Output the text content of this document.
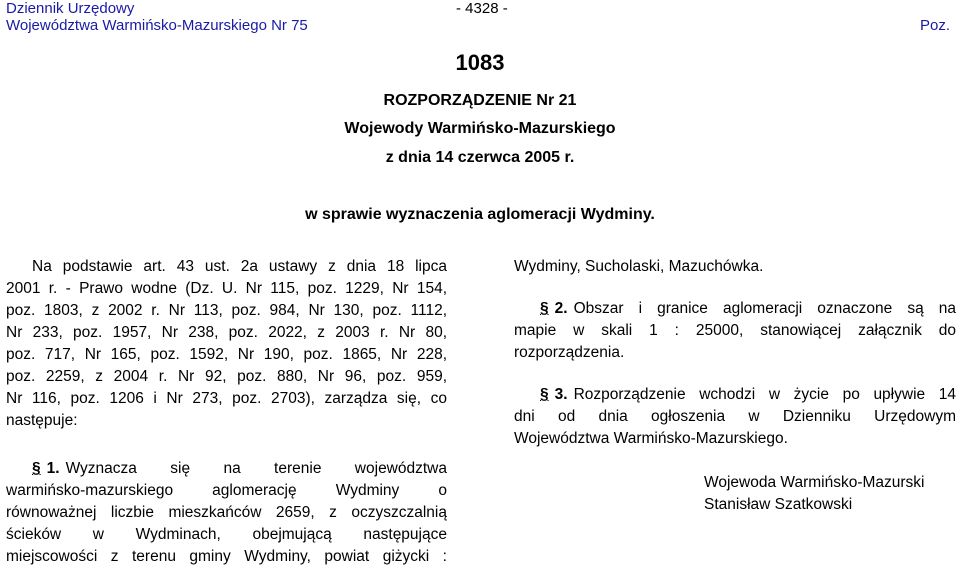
Dziennik Urzędowy
Województwa Warmińsko-Mazurskiego Nr 75
- 4328 -
Poz.
1083
ROZPORZĄDZENIE Nr 21
Wojewody Warmińsko-Mazurskiego
z dnia 14 czerwca 2005 r.
w sprawie wyznaczenia aglomeracji Wydminy.
Na podstawie art. 43 ust. 2a ustawy z dnia 18 lipca
2001 r. - Prawo wodne (Dz. U. Nr 115, poz. 1229, Nr 154,
poz. 1803, z 2002 r. Nr 113, poz. 984, Nr 130, poz. 1112,
Nr 233, poz. 1957, Nr 238, poz. 2022, z 2003 r. Nr 80,
poz. 717, Nr 165, poz. 1592, Nr 190, poz. 1865, Nr 228,
poz. 2259, z 2004 r. Nr 92, poz. 880, Nr 96, poz. 959,
Nr 116, poz. 1206 i Nr 273, poz. 2703), zarządza się, co
następuje:
§ 1. Wyznacza się na terenie województwa
warmińsko-mazurskiego aglomerację Wydminy o
równoważnej liczbie mieszkańców 2659, z oczyszczalnią
ścieków w Wydminach, obejmującą następujące
miejscowości z terenu gminy Wydminy, powiat giżycki :
Wydminy, Sucholaski, Mazuchówka.
§ 2. Obszar i granice aglomeracji oznaczone są na
mapie w skali 1 : 25000, stanowiącej załącznik do
rozporządzenia.
§ 3. Rozporządzenie wchodzi w życie po upływie 14
dni od dnia ogłoszenia w Dzienniku Urzędowym
Województwa Warmińsko-Mazurskiego.
Wojewoda Warmińsko-Mazurski
Stanisław Szatkowski
